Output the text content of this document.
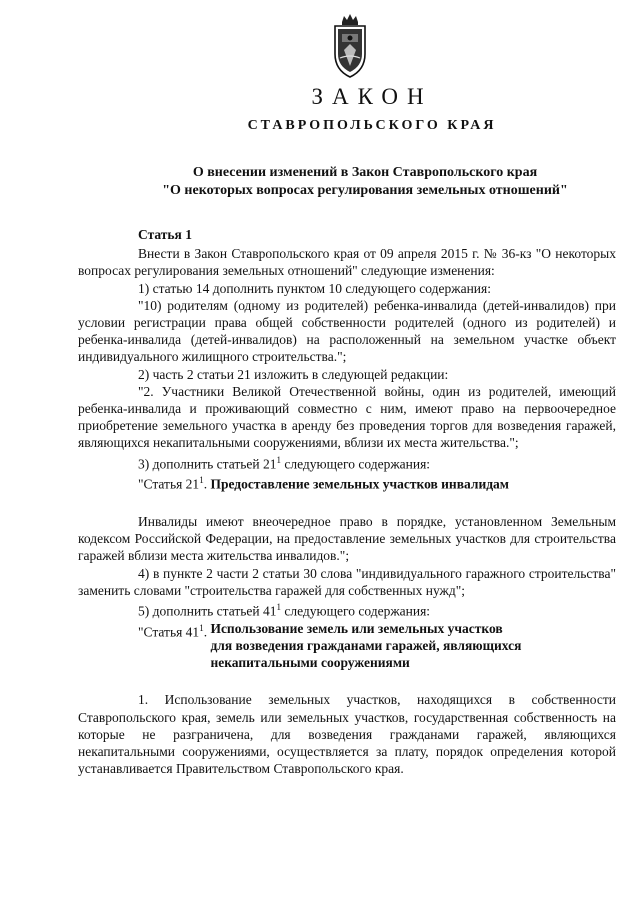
ЗАКОН
СТАВРОПОЛЬСКОГО КРАЯ
О внесении изменений в Закон Ставропольского края
"О некоторых вопросах регулирования земельных отношений"

Статья 1

Внести в Закон Ставропольского края от 09 апреля 2015 г. № 36-кз "О некоторых вопросах регулирования земельных отношений" следующие изменения:

1) статью 14 дополнить пунктом 10 следующего содержания:

"10) родителям (одному из родителей) ребенка-инвалида (детей-инвалидов) при условии регистрации права общей собственности родителей (одного из родителей) и ребенка-инвалида (детей-инвалидов) на расположенный на земельном участке объект индивидуального жилищного строительства.";

2) часть 2 статьи 21 изложить в следующей редакции:

"2. Участники Великой Отечественной войны, один из родителей, имеющий ребенка-инвалида и проживающий совместно с ним, имеют право на первоочередное приобретение земельного участка в аренду без проведения торгов для возведения гаражей, являющихся некапитальными сооружениями, вблизи их места жительства.";

3) дополнить статьей $21^1$ следующего содержания:

"Статья $21^1$. Предоставление земельных участков инвалидам

Инвалиды имеют внеочередное право в порядке, установленном Земельным кодексом Российской Федерации, на предоставление земельных участков для строительства гаражей вблизи места жительства инвалидов.";

4) в пункте 2 части 2 статьи 30 слова "индивидуального гаражного строительства" заменить словами "строительства гаражей для собственных нужд";

5) дополнить статьей $41^1$ следующего содержания:

"Статья $41^1$. Использование земель или земельных участков
для возведения гражданами гаражей, являющихся
некапитальными сооружениями

1. Использование земельных участков, находящихся в собственности Ставропольского края, земель или земельных участков, государственная собственность на которые не разграничена, для возведения гражданами гаражей, являющихся некапитальными сооружениями, осуществляется за плату, порядок определения которой устанавливается Правительством Ставропольского края.
